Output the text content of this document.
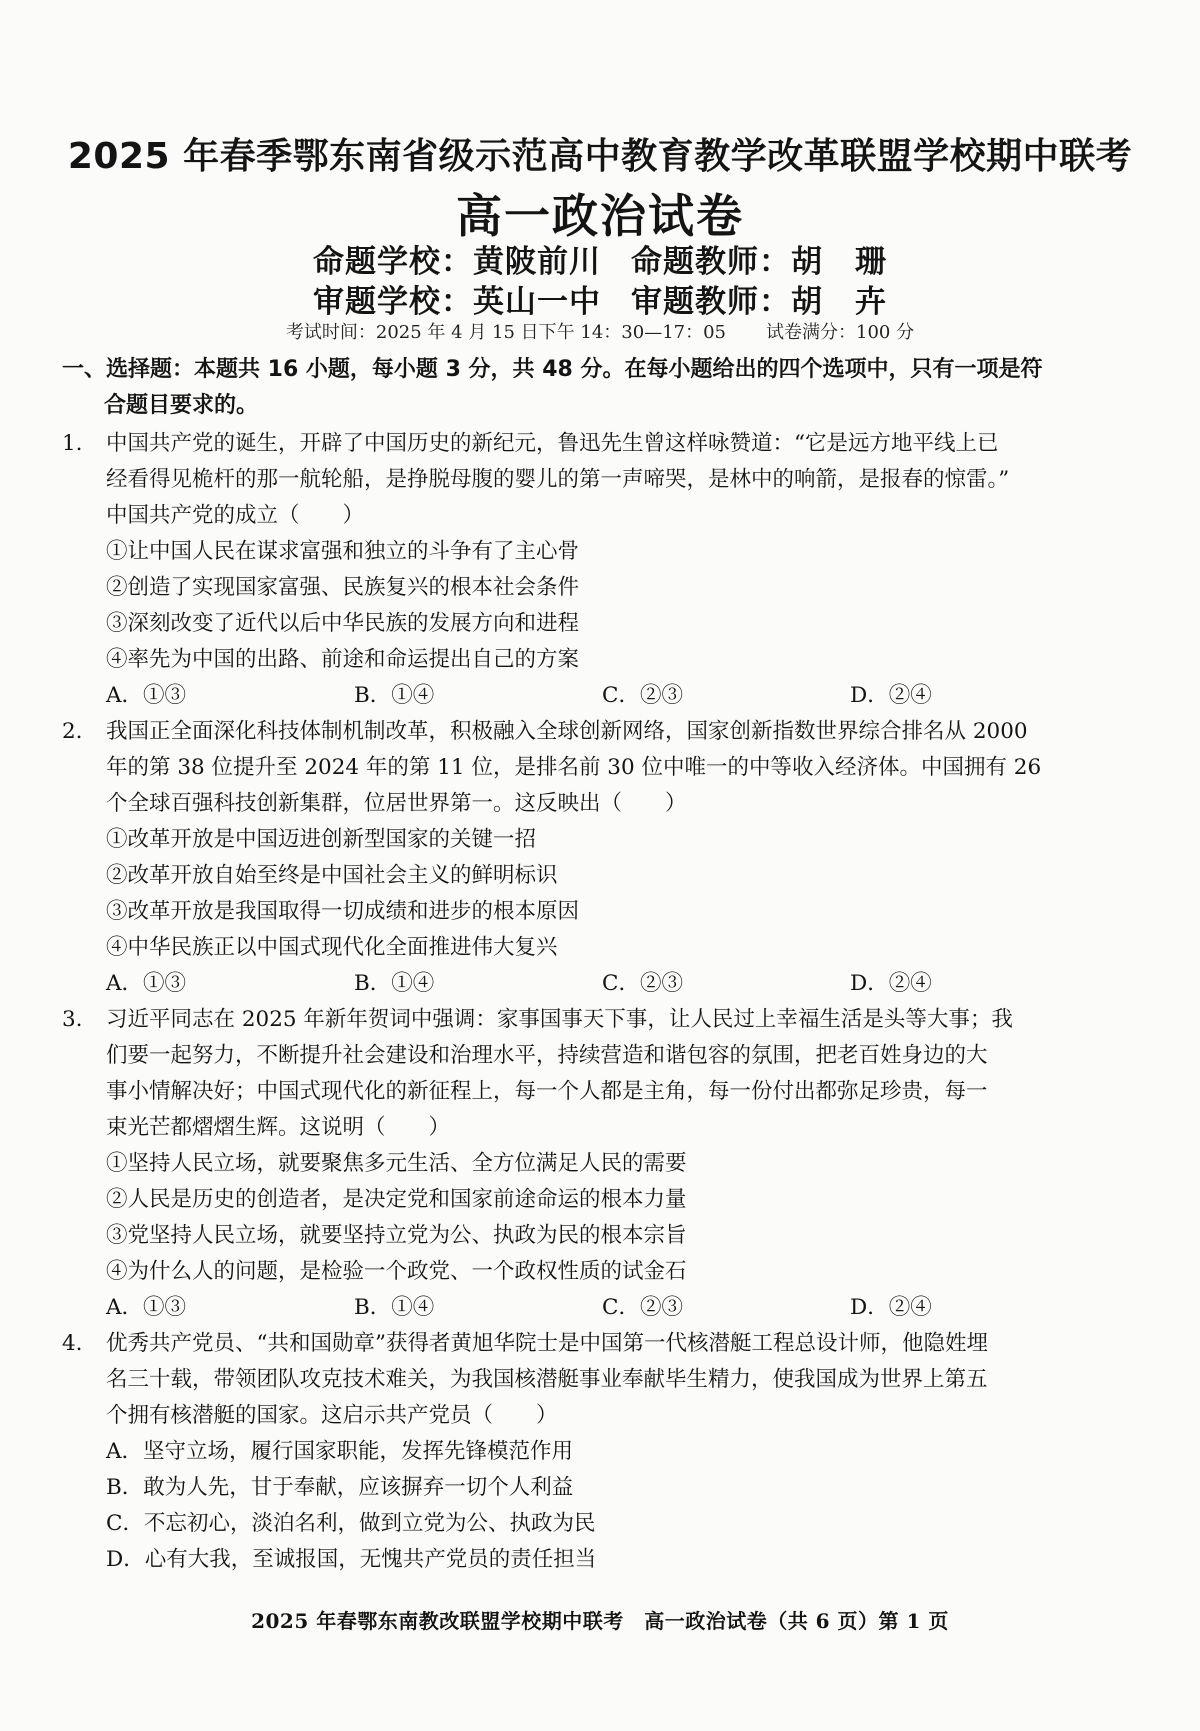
2025 年春季鄂东南省级示范高中教育教学改革联盟学校期中联考
高一政治试卷
命题学校：黄陂前川 命题教师：胡　珊
审题学校：英山一中 审题教师：胡　卉
考试时间：2025 年 4 月 15 日下午 14：30—17：05 试卷满分：100 分
一、选择题：本题共 16 小题，每小题 3 分，共 48 分。在每小题给出的四个选项中，只有一项是符
合题目要求的。
1. 中国共产党的诞生，开辟了中国历史的新纪元，鲁迅先生曾这样咏赞道：“它是远方地平线上已
经看得见桅杆的那一航轮船，是挣脱母腹的婴儿的第一声啼哭，是林中的响箭，是报春的惊雷。”
中国共产党的成立（　　）
①让中国人民在谋求富强和独立的斗争有了主心骨
②创造了实现国家富强、民族复兴的根本社会条件
③深刻改变了近代以后中华民族的发展方向和进程
④率先为中国的出路、前途和命运提出自己的方案
A．①③	B．①④	C．②③	D．②④
2. 我国正全面深化科技体制机制改革，积极融入全球创新网络，国家创新指数世界综合排名从 2000
年的第 38 位提升至 2024 年的第 11 位，是排名前 30 位中唯一的中等收入经济体。中国拥有 26
个全球百强科技创新集群，位居世界第一。这反映出（　　）
①改革开放是中国迈进创新型国家的关键一招
②改革开放自始至终是中国社会主义的鲜明标识
③改革开放是我国取得一切成绩和进步的根本原因
④中华民族正以中国式现代化全面推进伟大复兴
A．①③	B．①④	C．②③	D．②④
3. 习近平同志在 2025 年新年贺词中强调：家事国事天下事，让人民过上幸福生活是头等大事；我
们要一起努力，不断提升社会建设和治理水平，持续营造和谐包容的氛围，把老百姓身边的大
事小情解决好；中国式现代化的新征程上，每一个人都是主角，每一份付出都弥足珍贵，每一
束光芒都熠熠生辉。这说明（　　）
①坚持人民立场，就要聚焦多元生活、全方位满足人民的需要
②人民是历史的创造者，是决定党和国家前途命运的根本力量
③党坚持人民立场，就要坚持立党为公、执政为民的根本宗旨
④为什么人的问题，是检验一个政党、一个政权性质的试金石
A．①③	B．①④	C．②③	D．②④
4. 优秀共产党员、“共和国勋章”获得者黄旭华院士是中国第一代核潜艇工程总设计师，他隐姓埋
名三十载，带领团队攻克技术难关，为我国核潜艇事业奉献毕生精力，使我国成为世界上第五
个拥有核潜艇的国家。这启示共产党员（　　）
A．坚守立场，履行国家职能，发挥先锋模范作用
B．敢为人先，甘于奉献，应该摒弃一切个人利益
C．不忘初心，淡泊名利，做到立党为公、执政为民
D．心有大我，至诚报国，无愧共产党员的责任担当
2025 年春鄂东南教改联盟学校期中联考　高一政治试卷（共 6 页）第 1 页
